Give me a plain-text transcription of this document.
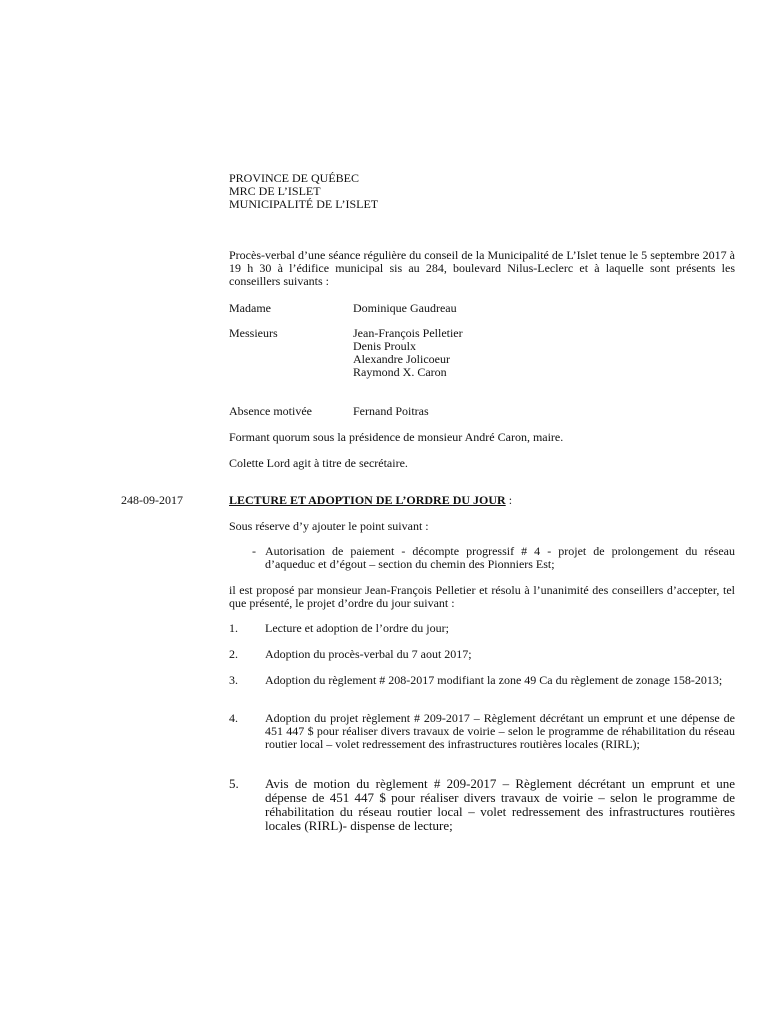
PROVINCE DE QUÉBEC
MRC DE L’ISLET
MUNICIPALITÉ DE L’ISLET
Procès-verbal d’une séance régulière du conseil de la Municipalité de L’Islet tenue le 5 septembre 2017 à 19 h 30 à l’édifice municipal sis au 284, boulevard Nilus-Leclerc et à laquelle sont présents les conseillers suivants :
Madame	Dominique Gaudreau
Messieurs	Jean-François Pelletier
Denis Proulx
Alexandre Jolicoeur
Raymond X. Caron
Absence motivée	Fernand Poitras
Formant quorum sous la présidence de monsieur André Caron, maire.
Colette Lord agit à titre de secrétaire.
248-09-2017	LECTURE ET ADOPTION DE L’ORDRE DU JOUR :
Sous réserve d’y ajouter le point suivant :
- Autorisation de paiement - décompte progressif # 4 - projet de prolongement du réseau d’aqueduc et d’égout – section du chemin des Pionniers Est;
il est proposé par monsieur Jean-François Pelletier et résolu à l’unanimité des conseillers d’accepter, tel que présenté, le projet d’ordre du jour suivant :
1. Lecture et adoption de l’ordre du jour;
2. Adoption du procès-verbal du 7 aout 2017;
3. Adoption du règlement # 208-2017 modifiant la zone 49 Ca du règlement de zonage 158-2013;
4. Adoption du projet règlement # 209-2017 – Règlement décrétant un emprunt et une dépense de 451 447 $ pour réaliser divers travaux de voirie – selon le programme de réhabilitation du réseau routier local – volet redressement des infrastructures routières locales (RIRL);
5. Avis de motion du règlement # 209-2017 – Règlement décrétant un emprunt et une dépense de 451 447 $ pour réaliser divers travaux de voirie – selon le programme de réhabilitation du réseau routier local – volet redressement des infrastructures routières locales (RIRL)- dispense de lecture;
